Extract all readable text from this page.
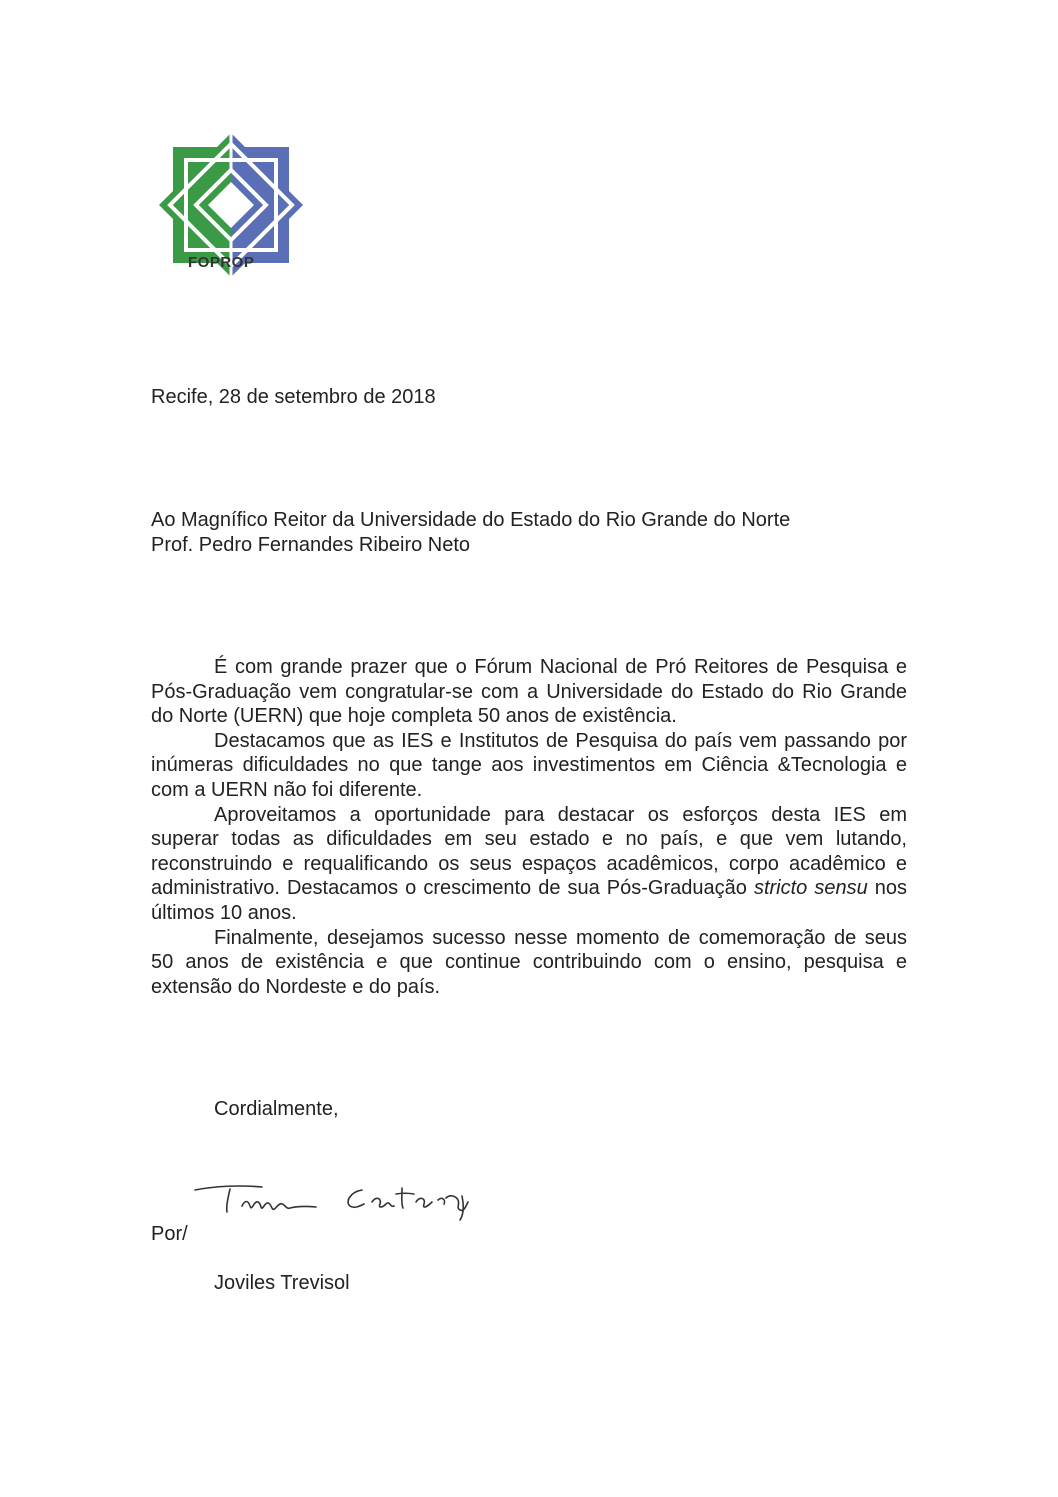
FOPROP
Recife, 28 de setembro de 2018
Ao Magnífico Reitor da Universidade do Estado do Rio Grande do Norte
Prof. Pedro Fernandes Ribeiro Neto

É com grande prazer que o Fórum Nacional de Pró Reitores de Pesquisa e Pós-Graduação vem congratular-se com a Universidade do Estado do Rio Grande do Norte (UERN) que hoje completa 50 anos de existência.

Destacamos que as IES e Institutos de Pesquisa do país vem passando por inúmeras dificuldades no que tange aos investimentos em Ciência &Tecnologia e com a UERN não foi diferente.

Aproveitamos a oportunidade para destacar os esforços desta IES em superar todas as dificuldades em seu estado e no país, e que vem lutando, reconstruindo e requalificando os seus espaços acadêmicos, corpo acadêmico e administrativo. Destacamos o crescimento de sua Pós-Graduação stricto sensu nos últimos 10 anos.

Finalmente, desejamos sucesso nesse momento de comemoração de seus 50 anos de existência e que continue contribuindo com o ensino, pesquisa e extensão do Nordeste e do país.

Cordialmente,
Por/
Joviles Trevisol
